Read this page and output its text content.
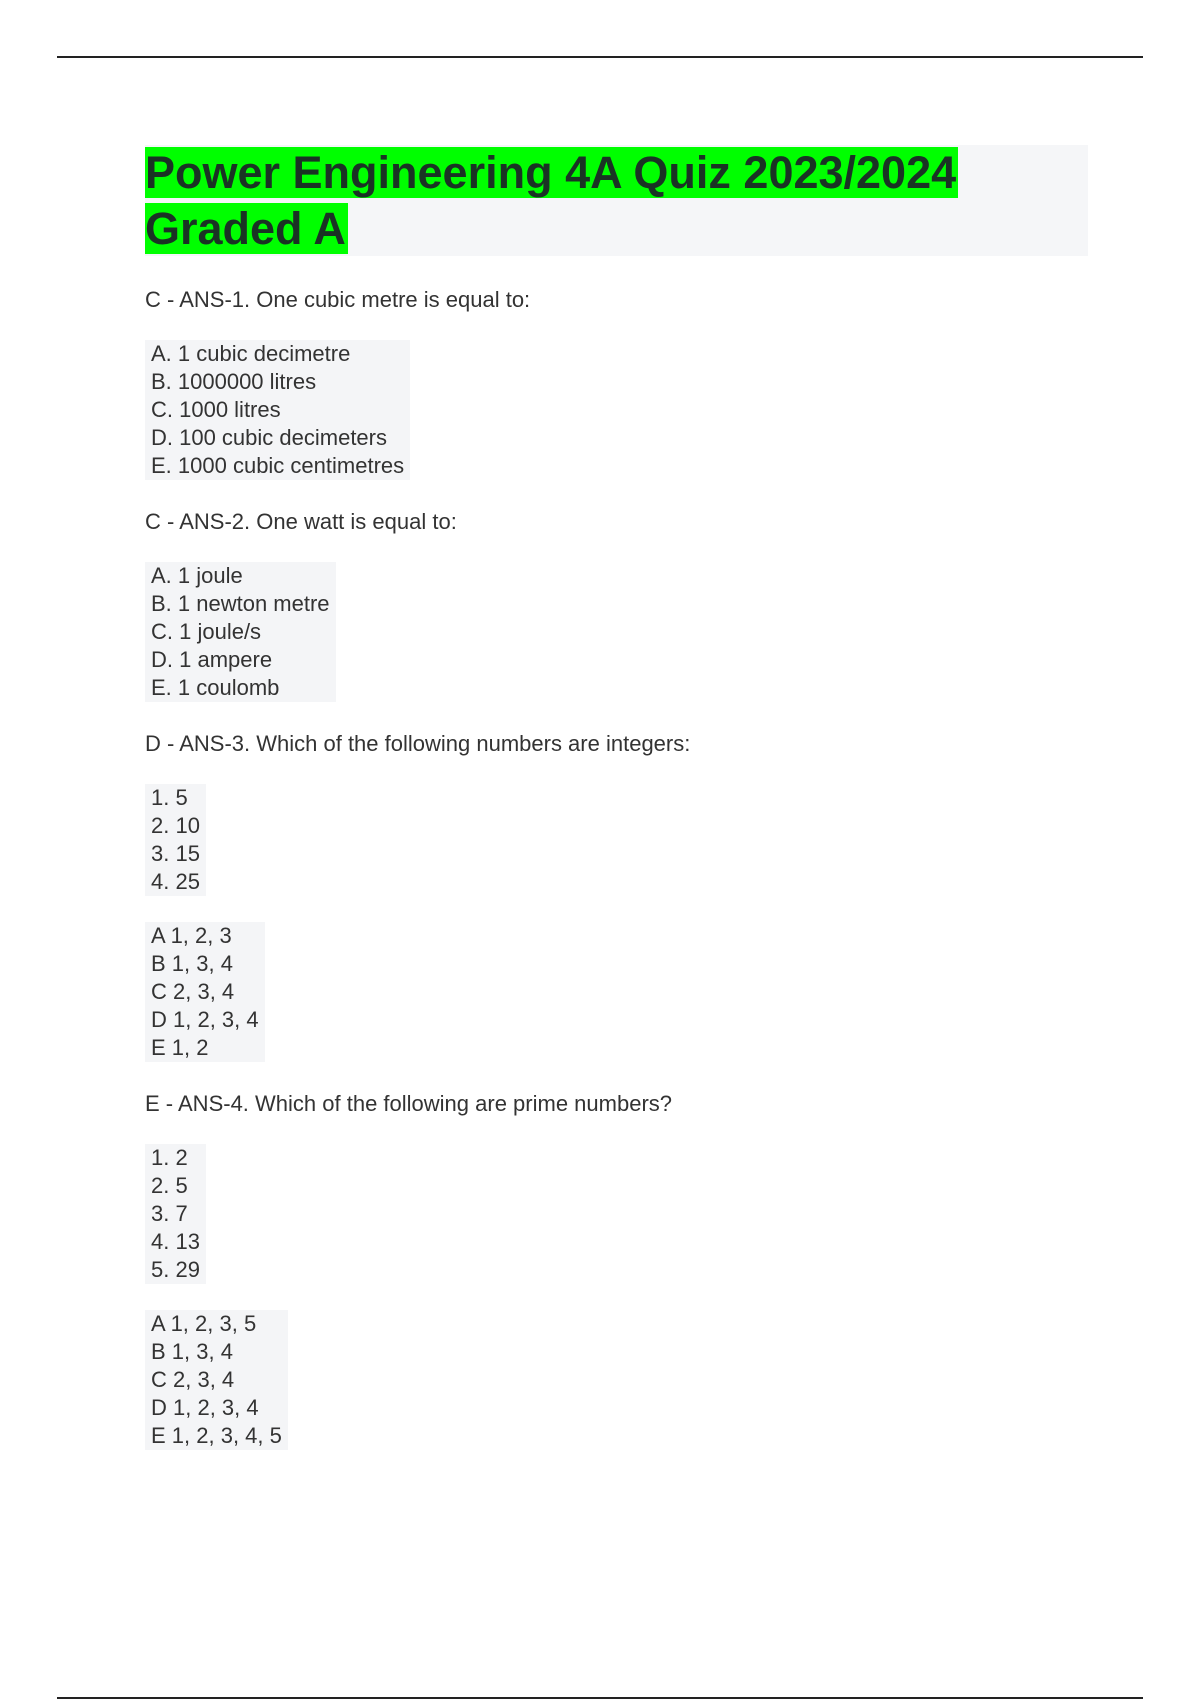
Power Engineering 4A Quiz 2023/2024
Graded A

C - ANS-1. One cubic metre is equal to:

A. 1 cubic decimetre
B. 1000000 litres
C. 1000 litres
D. 100 cubic decimeters
E. 1000 cubic centimetres

C - ANS-2. One watt is equal to:

A. 1 joule
B. 1 newton metre
C. 1 joule/s
D. 1 ampere
E. 1 coulomb

D - ANS-3. Which of the following numbers are integers:

1. 5
2. 10
3. 15
4. 25
A 1, 2, 3
B 1, 3, 4
C 2, 3, 4
D 1, 2, 3, 4
E 1, 2

E - ANS-4. Which of the following are prime numbers?

1. 2
2. 5
3. 7
4. 13
5. 29
A 1, 2, 3, 5
B 1, 3, 4
C 2, 3, 4
D 1, 2, 3, 4
E 1, 2, 3, 4, 5
